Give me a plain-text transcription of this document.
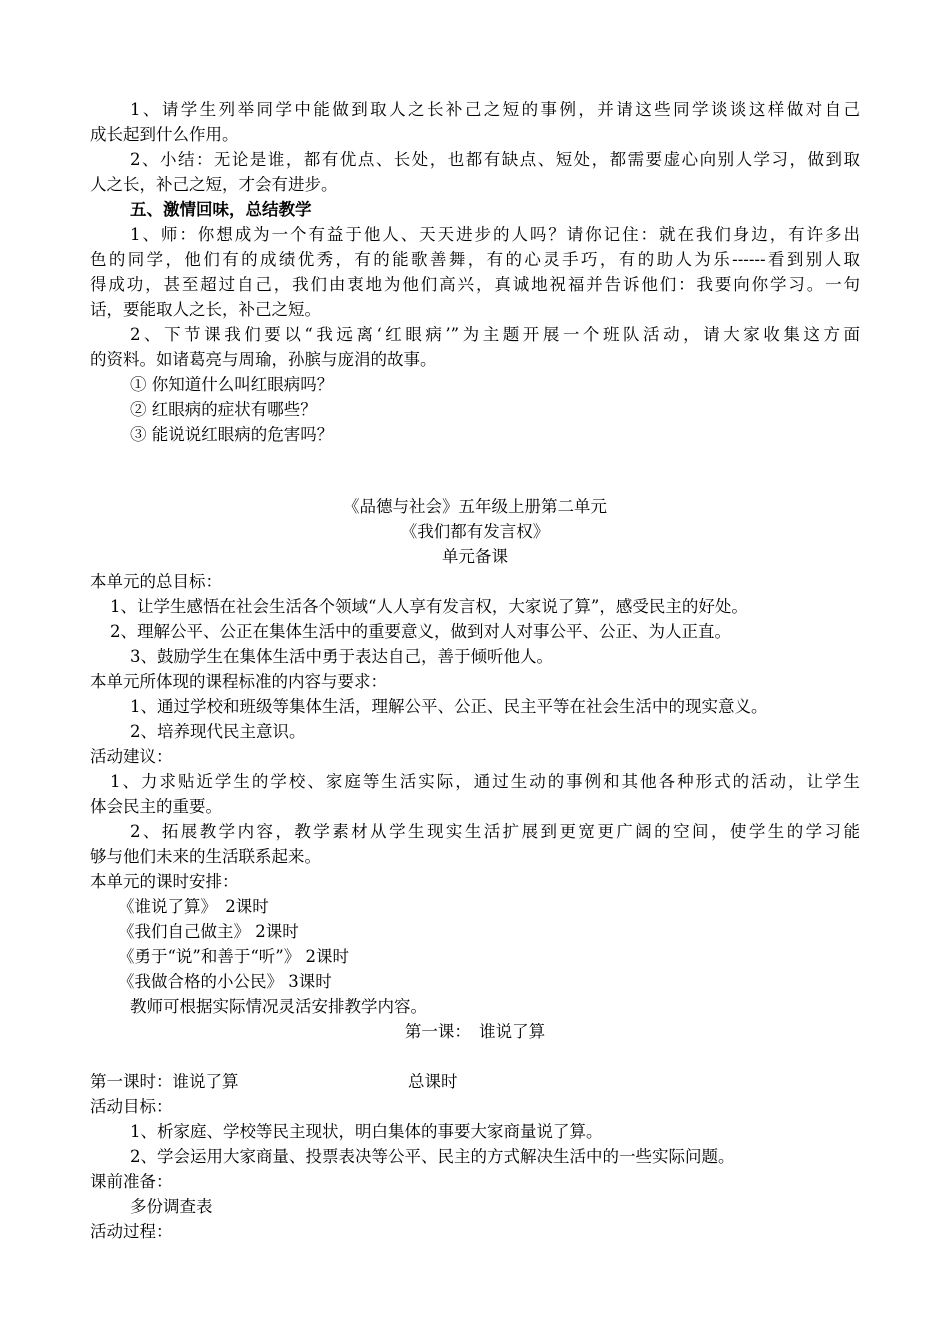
1、请学生列举同学中能做到取人之长补己之短的事例，并请这些同学谈谈这样做对自己
成长起到什么作用。
2、小结：无论是谁，都有优点、长处，也都有缺点、短处，都需要虚心向别人学习，做到取
人之长，补己之短，才会有进步。
五、激情回味，总结教学
1、师：你想成为一个有益于他人、天天进步的人吗？请你记住：就在我们身边，有许多出
色的同学，他们有的成绩优秀，有的能歌善舞，有的心灵手巧，有的助人为乐------看到别人取
得成功，甚至超过自己，我们由衷地为他们高兴，真诚地祝福并告诉他们：我要向你学习。一句
话，要能取人之长，补己之短。
2、下节课我们要以“我远离‘红眼病’”为主题开展一个班队活动，请大家收集这方面
的资料。如诸葛亮与周瑜，孙膑与庞涓的故事。
① 你知道什么叫红眼病吗？
② 红眼病的症状有哪些？
③ 能说说红眼病的危害吗？
《品德与社会》五年级上册第二单元
《我们都有发言权》
单元备课
本单元的总目标：
1、让学生感悟在社会生活各个领域“人人享有发言权，大家说了算”，感受民主的好处。
2、理解公平、公正在集体生活中的重要意义，做到对人对事公平、公正、为人正直。
3、鼓励学生在集体生活中勇于表达自己，善于倾听他人。
本单元所体现的课程标准的内容与要求：
1、通过学校和班级等集体生活，理解公平、公正、民主平等在社会生活中的现实意义。
2、培养现代民主意识。
活动建议：
1、力求贴近学生的学校、家庭等生活实际，通过生动的事例和其他各种形式的活动，让学生
体会民主的重要。
2、拓展教学内容，教学素材从学生现实生活扩展到更宽更广阔的空间，使学生的学习能
够与他们未来的生活联系起来。
本单元的课时安排：
《谁说了算》　2课时
《我们自己做主》 2课时
《勇于“说”和善于“听”》 2课时
《我做合格的小公民》 3课时
教师可根据实际情况灵活安排教学内容。
第一课：　谁说了算
第一课时：谁说了算	总课时
活动目标：
1、析家庭、学校等民主现状，明白集体的事要大家商量说了算。
2、学会运用大家商量、投票表决等公平、民主的方式解决生活中的一些实际问题。
课前准备：
多份调查表
活动过程：
